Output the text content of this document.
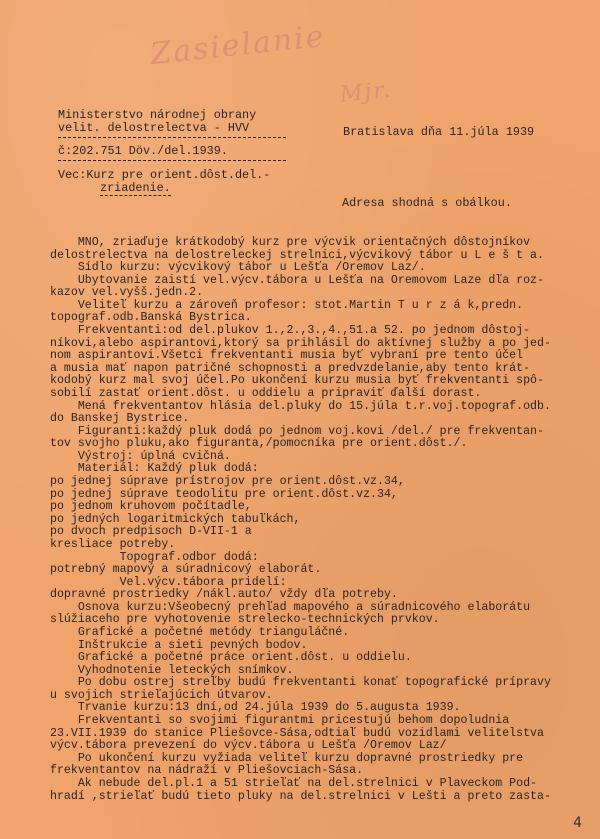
Zasielanie
Mjr.
Ministerstvo národnej obrany
velit. delostrelectva - HVV
č:202.751 Döv./del.1939.
Bratislava dňa 11.júla 1939
Vec:Kurz pre orient.dôst.del.-
zriadenie.
Adresa shodná s obálkou.
MNO, zriaďuje krátkodobý kurz pre výcvik orientačných dôstojníkov
delostrelectva na delostreleckej strelnici,výcvikový tábor u L e š t a.
Sídlo kurzu: výcvikový tábor u Lešťa /Oremov Laz/.
Ubytovanie zaistí vel.výcv.tábora u Lešťa na Oremovom Laze dľa roz-
kazov vel.vyšš.jedn.2.
Veliteľ kurzu a zároveň profesor: stot.Martin T u r z á k,predn.
topograf.odb.Banská Bystrica.
Frekventanti:od del.plukov 1.,2.,3.,4.,51.a 52. po jednom dôstoj-
níkovi,alebo aspirantovi,ktorý sa prihlásil do aktívnej služby a po jed-
nom aspirantovi.Všetci frekventanti musia byť vybraní pre tento účel
a musia mať napon patričné schopnosti a predvzdelanie,aby tento krát-
kodobý kurz mal svoj účel.Po ukončení kurzu musia byť frekventanti spô-
sobilí zastať orient.dôst. u oddielu a pripraviť ďalší dorast.
Mená frekventantov hlásia del.pluky do 15.júla t.r.voj.topograf.odb.
do Banskej Bystrice.
Figuranti:každý pluk dodá po jednom voj.kovi /del./ pre frekventan-
tov svojho pluku,ako figuranta,/pomocníka pre orient.dôst./.
Výstroj: úplná cvičná.
Materiál: Každý pluk dodá:
po jednej súprave prístrojov pre orient.dôst.vz.34,
po jednej súprave teodolitu pre orient.dôst.vz.34,
po jednom kruhovom počítadle,
po jedných logaritmických tabuľkách,
po dvoch predpisoch D-VII-1 a
kresliace potreby.
Topograf.odbor dodá:
potrebný mapový a súradnicový elaborát.
Vel.výcv.tábora pridelí:
dopravné prostriedky /nákl.auto/ vždy dľa potreby.
Osnova kurzu:Všeobecný prehľad mapového a súradnicového elaborátu
slúžiaceho pre vyhotovenie strelecko-technických prvkov.
Grafické a početné metódy trianguláčné.
Inštrukcie a sieti pevných bodov.
Grafické a početné práce orient.dôst. u oddielu.
Vyhodnotenie leteckých snímkov.
Po dobu ostrej streľby budú frekventanti konať topografické prípravy
u svojich strieľajúcich útvarov.
Trvanie kurzu:13 dní,od 24.júla 1939 do 5.augusta 1939.
Frekventanti so svojimi figurantmi pricestujú behom dopoludnia
23.VII.1939 do stanice Pliešovce-Sása,odtiaľ budú vozidlami velitelstva
výcv.tábora prevezení do výcv.tábora u Lešťa /Oremov Laz/
Po ukončení kurzu vyžiada veliteľ kurzu dopravné prostriedky pre
frekventantov na nádraží v Pliešovciach-Sása.
Ak nebude del.pl.1 a 51 strieľať na del.strelnici v Plaveckom Pod-
hradí ,strieľať budú tieto pluky na del.strelnici v Lešti a preto zasta-
4
